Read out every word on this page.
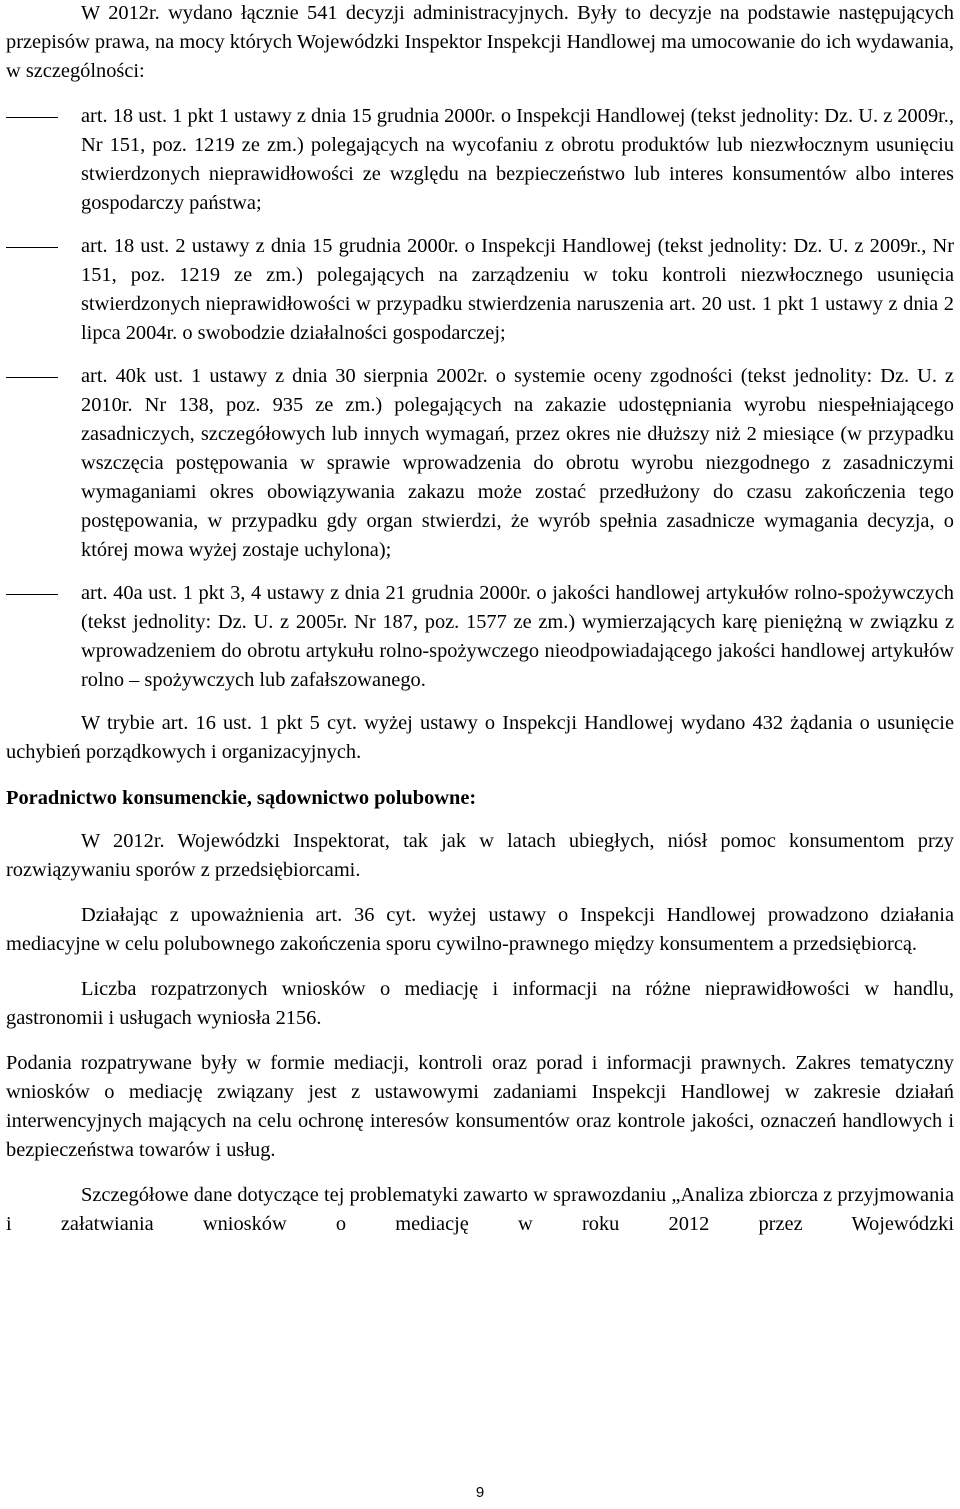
W 2012r. wydano łącznie 541 decyzji administracyjnych. Były to decyzje na podstawie następujących przepisów prawa, na mocy których Wojewódzki Inspektor Inspekcji Handlowej ma umocowanie do ich wydawania, w szczególności:

art. 18 ust. 1 pkt 1 ustawy z dnia 15 grudnia 2000r. o Inspekcji Handlowej (tekst jednolity: Dz. U. z 2009r., Nr 151, poz. 1219 ze zm.) polegających na wycofaniu z obrotu produktów lub niezwłocznym usunięciu stwierdzonych nieprawidłowości ze względu na bezpieczeństwo lub interes konsumentów albo interes gospodarczy państwa;
art. 18 ust. 2 ustawy z dnia 15 grudnia 2000r. o Inspekcji Handlowej (tekst jednolity: Dz. U. z 2009r., Nr 151, poz. 1219 ze zm.) polegających na zarządzeniu w toku kontroli niezwłocznego usunięcia stwierdzonych nieprawidłowości w przypadku stwierdzenia naruszenia art. 20 ust. 1 pkt 1 ustawy z dnia 2 lipca 2004r. o swobodzie działalności gospodarczej;
art. 40k ust. 1 ustawy z dnia 30 sierpnia 2002r. o systemie oceny zgodności (tekst jednolity: Dz. U. z 2010r. Nr 138, poz. 935 ze zm.) polegających na zakazie udostępniania wyrobu niespełniającego zasadniczych, szczegółowych lub innych wymagań, przez okres nie dłuższy niż 2 miesiące (w przypadku wszczęcia postępowania w sprawie wprowadzenia do obrotu wyrobu niezgodnego z zasadniczymi wymaganiami okres obowiązywania zakazu może zostać przedłużony do czasu zakończenia tego postępowania, w przypadku gdy organ stwierdzi, że wyrób spełnia zasadnicze wymagania decyzja, o której mowa wyżej zostaje uchylona);
art. 40a ust. 1 pkt 3, 4 ustawy z dnia 21 grudnia 2000r. o jakości handlowej artykułów rolno-spożywczych (tekst jednolity: Dz. U. z 2005r. Nr 187, poz. 1577 ze zm.) wymierzających karę pieniężną w związku z wprowadzeniem do obrotu artykułu rolno-spożywczego nieodpowiadającego jakości handlowej artykułów rolno – spożywczych lub zafałszowanego.

W trybie art. 16 ust. 1 pkt 5 cyt. wyżej ustawy o Inspekcji Handlowej wydano 432 żądania o usunięcie uchybień porządkowych i organizacyjnych.

Poradnictwo konsumenckie, sądownictwo polubowne:

W 2012r. Wojewódzki Inspektorat, tak jak w latach ubiegłych, niósł pomoc konsumentom przy rozwiązywaniu sporów z przedsiębiorcami.

Działając z upoważnienia art. 36 cyt. wyżej ustawy o Inspekcji Handlowej prowadzono działania mediacyjne w celu polubownego zakończenia sporu cywilno-prawnego między konsumentem a przedsiębiorcą.

Liczba rozpatrzonych wniosków o mediację i informacji na różne nieprawidłowości w handlu, gastronomii i usługach wyniosła 2156.

Podania rozpatrywane były w formie mediacji, kontroli oraz porad i informacji prawnych. Zakres tematyczny wniosków o mediację związany jest z ustawowymi zadaniami Inspekcji Handlowej w zakresie działań interwencyjnych mających na celu ochronę interesów konsumentów oraz kontrole jakości, oznaczeń handlowych i bezpieczeństwa towarów i usług.

Szczegółowe dane dotyczące tej problematyki zawarto w sprawozdaniu „Analiza zbiorcza z przyjmowania i załatwiania wniosków o mediację w roku 2012 przez Wojewódzki

9
